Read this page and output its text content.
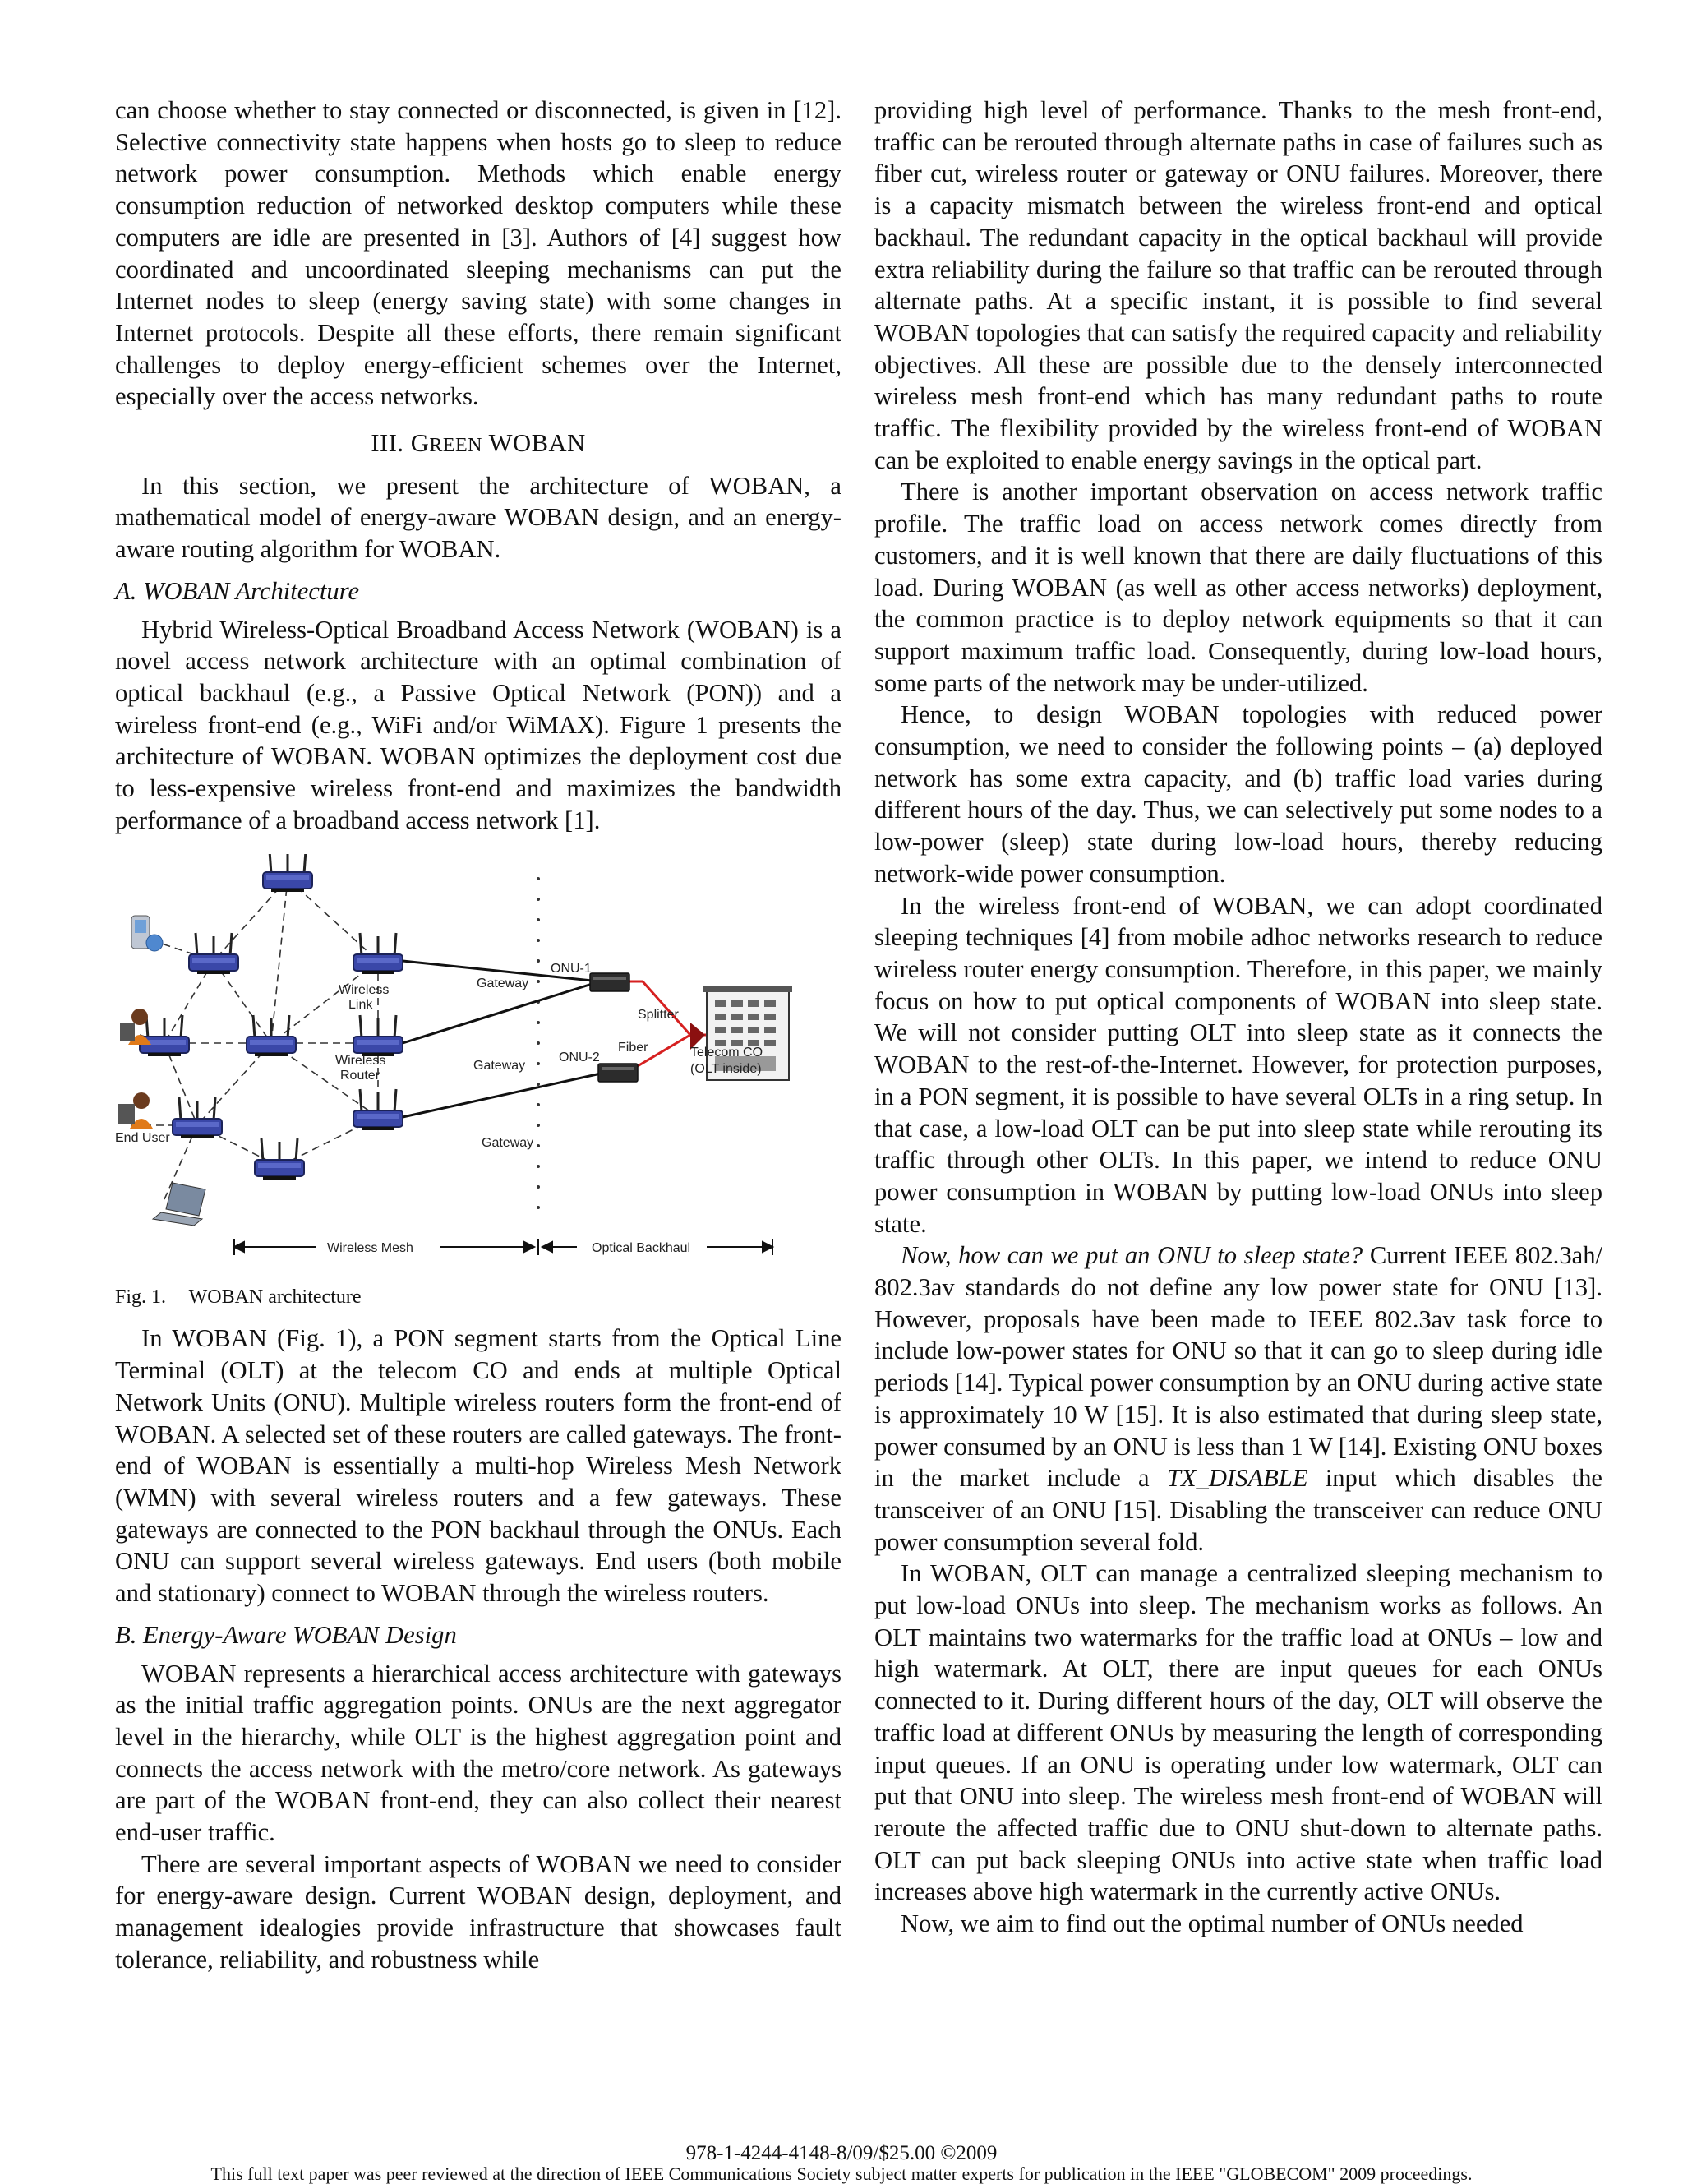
can choose whether to stay connected or disconnected, is given in [12]. Selective connectivity state happens when hosts go to sleep to reduce network power consumption. Methods which enable energy consumption reduction of networked desktop computers while these computers are idle are presented in [3]. Authors of [4] suggest how coordinated and uncoordinated sleeping mechanisms can put the Internet nodes to sleep (energy saving state) with some changes in Internet protocols. Despite all these efforts, there remain significant challenges to deploy energy-efficient schemes over the Internet, especially over the access networks.

III. GREEN WOBAN

In this section, we present the architecture of WOBAN, a mathematical model of energy-aware WOBAN design, and an energy-aware routing algorithm for WOBAN.

A. WOBAN Architecture

Hybrid Wireless-Optical Broadband Access Network (WOBAN) is a novel access network architecture with an optimal combination of optical backhaul (e.g., a Passive Optical Network (PON)) and a wireless front-end (e.g., WiFi and/or WiMAX). Figure 1 presents the architecture of WOBAN. WOBAN optimizes the deployment cost due to less-expensive wireless front-end and maximizes the bandwidth performance of a broadband access network [1].

ONU-1
ONU-2
Gateway
Gateway
Gateway
Wireless
Link
Wireless
Router
Splitter
Fiber	Telecom CO
(OLT inside)
End User
Wireless Mesh	Optical Backhaul
Fig. 1. WOBAN architecture

In WOBAN (Fig. 1), a PON segment starts from the Optical Line Terminal (OLT) at the telecom CO and ends at multiple Optical Network Units (ONU). Multiple wireless routers form the front-end of WOBAN. A selected set of these routers are called gateways. The front-end of WOBAN is essentially a multi-hop Wireless Mesh Network (WMN) with several wireless routers and a few gateways. These gateways are connected to the PON backhaul through the ONUs. Each ONU can support several wireless gateways. End users (both mobile and stationary) connect to WOBAN through the wireless routers.

B. Energy-Aware WOBAN Design

WOBAN represents a hierarchical access architecture with gateways as the initial traffic aggregation points. ONUs are the next aggregator level in the hierarchy, while OLT is the highest aggregation point and connects the access network with the metro/core network. As gateways are part of the WOBAN front-end, they can also collect their nearest end-user traffic.

There are several important aspects of WOBAN we need to consider for energy-aware design. Current WOBAN design, deployment, and management idealogies provide infrastructure that showcases fault tolerance, reliability, and robustness while

providing high level of performance. Thanks to the mesh front-end, traffic can be rerouted through alternate paths in case of failures such as fiber cut, wireless router or gateway or ONU failures. Moreover, there is a capacity mismatch between the wireless front-end and optical backhaul. The redundant capacity in the optical backhaul will provide extra reliability during the failure so that traffic can be rerouted through alternate paths. At a specific instant, it is possible to find several WOBAN topologies that can satisfy the required capacity and reliability objectives. All these are possible due to the densely interconnected wireless mesh front-end which has many redundant paths to route traffic. The flexibility provided by the wireless front-end of WOBAN can be exploited to enable energy savings in the optical part.

There is another important observation on access network traffic profile. The traffic load on access network comes directly from customers, and it is well known that there are daily fluctuations of this load. During WOBAN (as well as other access networks) deployment, the common practice is to deploy network equipments so that it can support maximum traffic load. Consequently, during low-load hours, some parts of the network may be under-utilized.

Hence, to design WOBAN topologies with reduced power consumption, we need to consider the following points – (a) deployed network has some extra capacity, and (b) traffic load varies during different hours of the day. Thus, we can selectively put some nodes to a low-power (sleep) state during low-load hours, thereby reducing network-wide power consumption.

In the wireless front-end of WOBAN, we can adopt coordinated sleeping techniques [4] from mobile adhoc networks research to reduce wireless router energy consumption. Therefore, in this paper, we mainly focus on how to put optical components of WOBAN into sleep state. We will not consider putting OLT into sleep state as it connects the WOBAN to the rest-of-the-Internet. However, for protection purposes, in a PON segment, it is possible to have several OLTs in a ring setup. In that case, a low-load OLT can be put into sleep state while rerouting its traffic through other OLTs. In this paper, we intend to reduce ONU power consumption in WOBAN by putting low-load ONUs into sleep state.

Now, how can we put an ONU to sleep state? Current IEEE 802.3ah/ 802.3av standards do not define any low power state for ONU [13]. However, proposals have been made to IEEE 802.3av task force to include low-power states for ONU so that it can go to sleep during idle periods [14]. Typical power consumption by an ONU during active state is approximately 10 W [15]. It is also estimated that during sleep state, power consumed by an ONU is less than 1 W [14]. Existing ONU boxes in the market include a TX_DISABLE input which disables the transceiver of an ONU [15]. Disabling the transceiver can reduce ONU power consumption several fold.

In WOBAN, OLT can manage a centralized sleeping mechanism to put low-load ONUs into sleep. The mechanism works as follows. An OLT maintains two watermarks for the traffic load at ONUs – low and high watermark. At OLT, there are input queues for each ONUs connected to it. During different hours of the day, OLT will observe the traffic load at different ONUs by measuring the length of corresponding input queues. If an ONU is operating under low watermark, OLT can put that ONU into sleep. The wireless mesh front-end of WOBAN will reroute the affected traffic due to ONU shut-down to alternate paths. OLT can put back sleeping ONUs into active state when traffic load increases above high watermark in the currently active ONUs.

Now, we aim to find out the optimal number of ONUs needed

978-1-4244-4148-8/09/$25.00 ©2009
This full text paper was peer reviewed at the direction of IEEE Communications Society subject matter experts for publication in the IEEE "GLOBECOM" 2009 proceedings.
